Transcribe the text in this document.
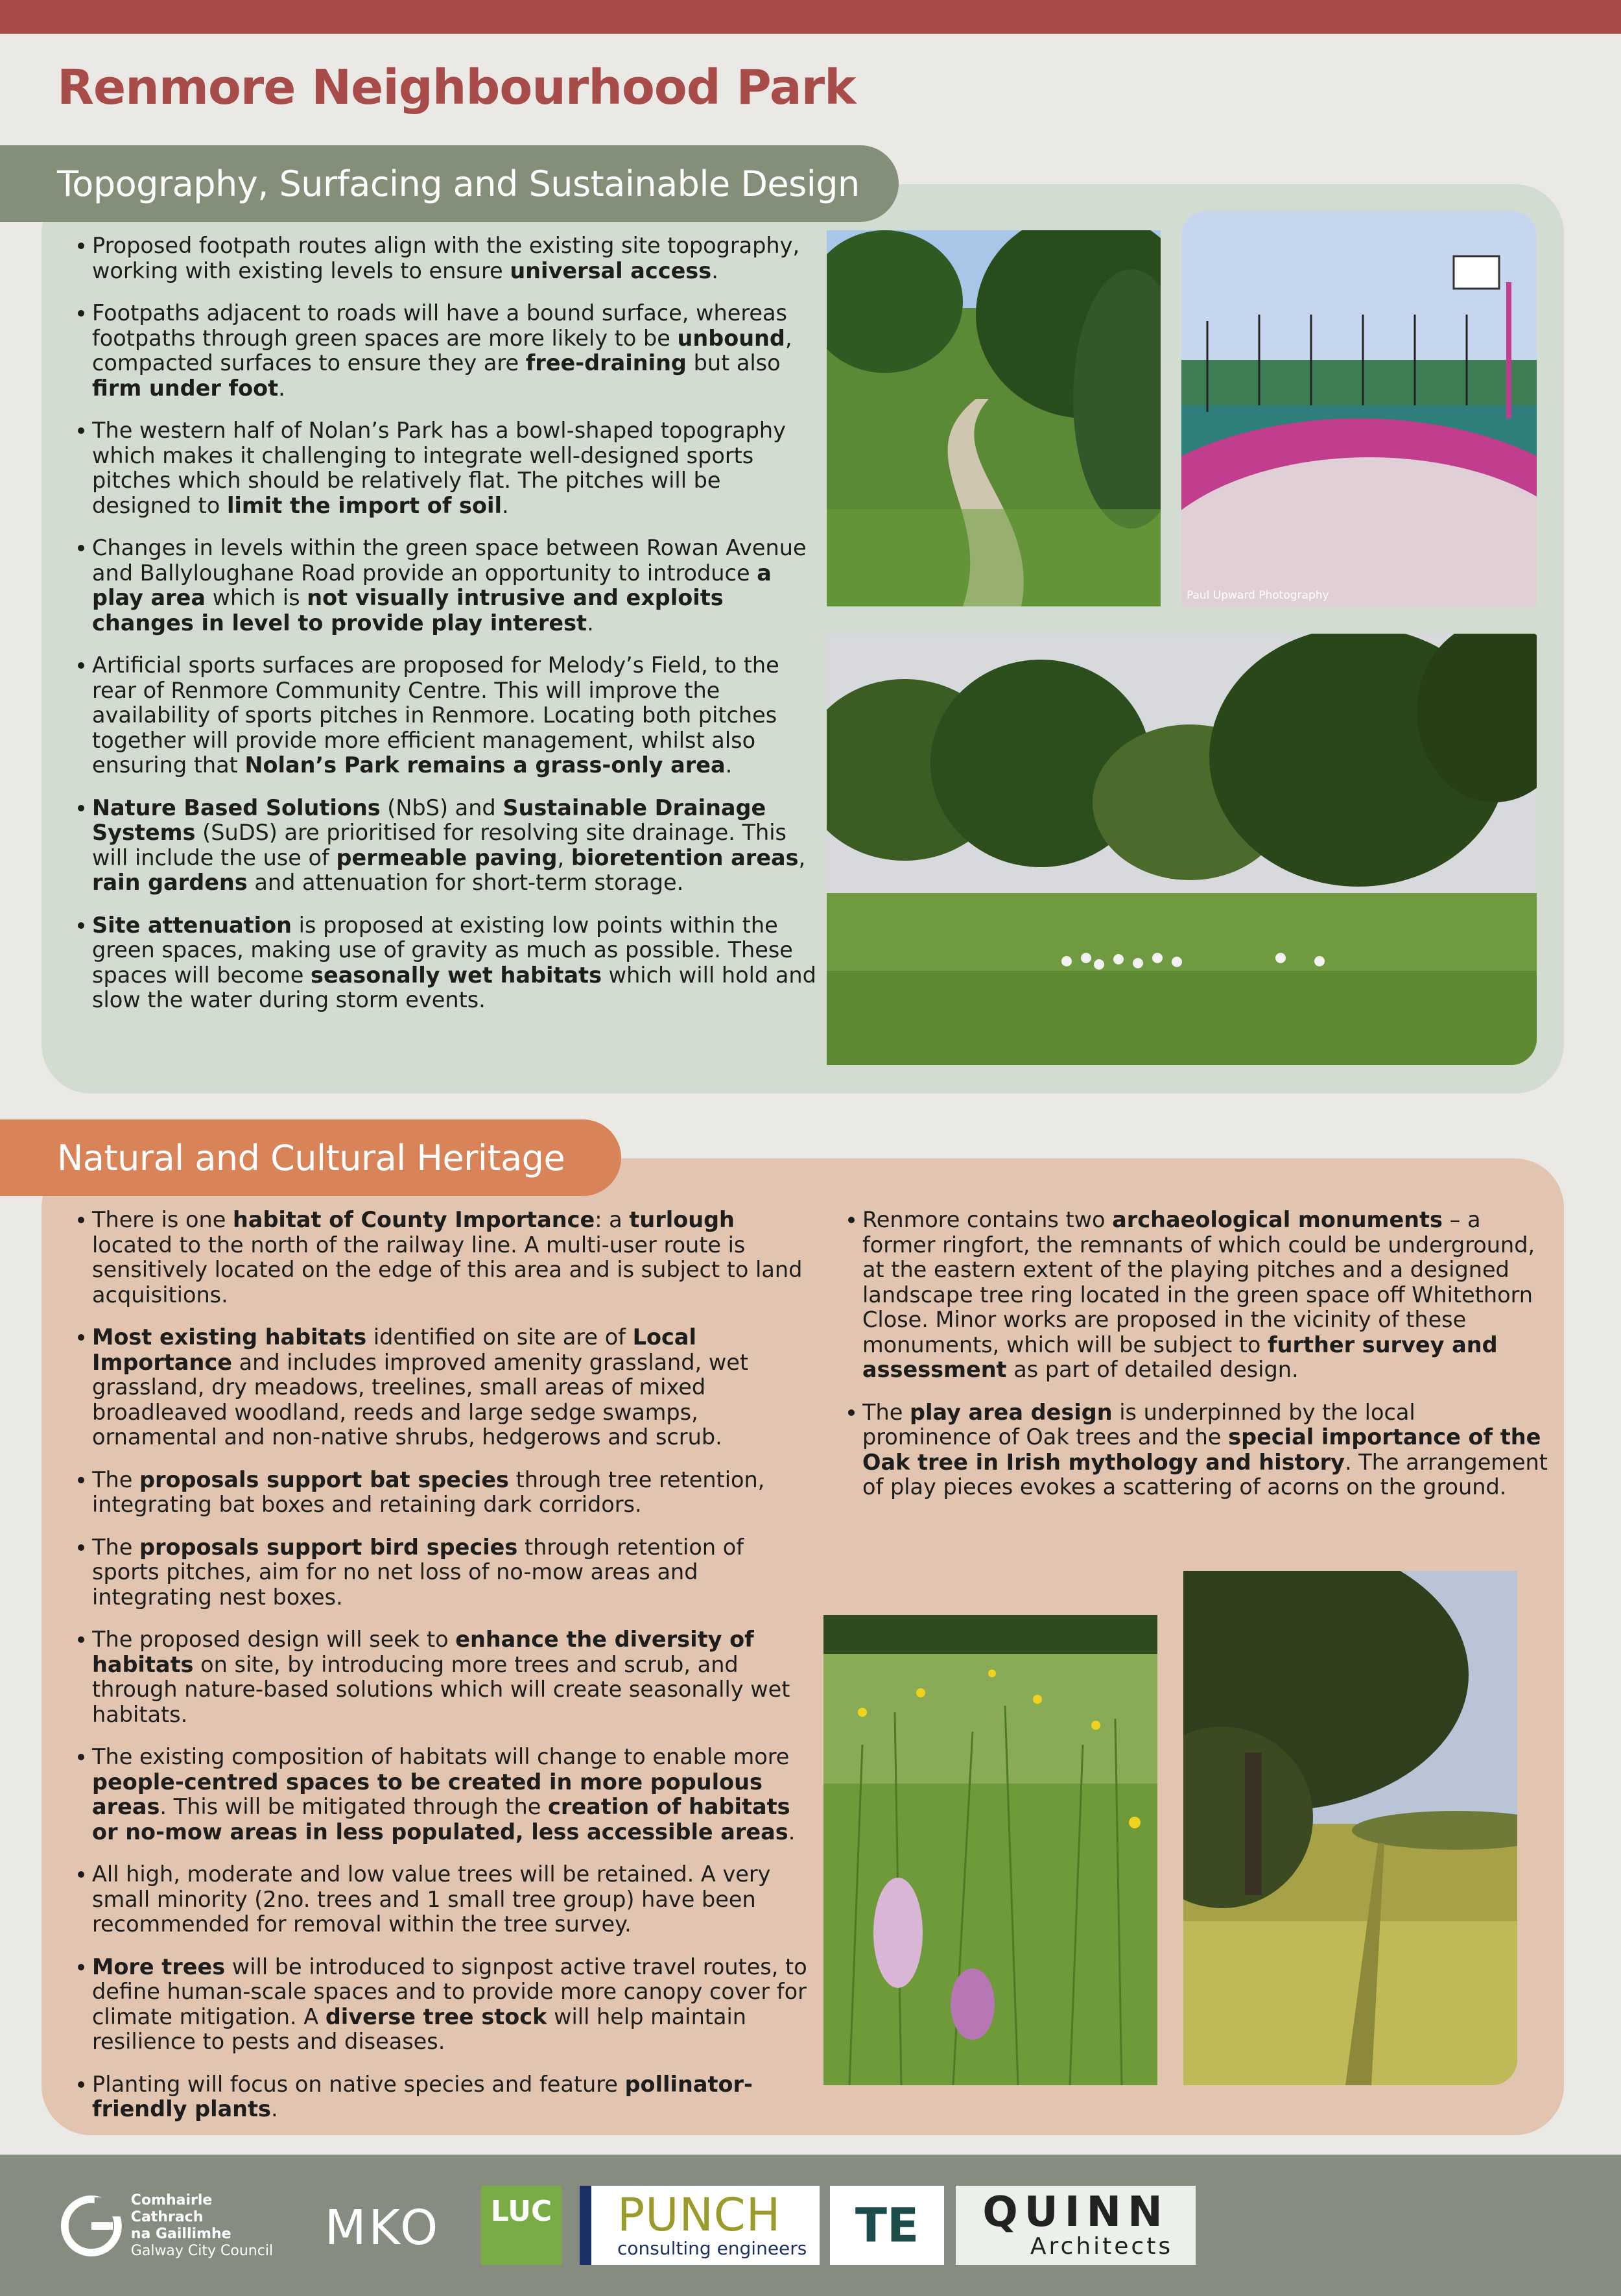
Renmore Neighbourhood Park
Topography, Surfacing and Sustainable Design
Proposed footpath routes align with the existing site topography, working with existing levels to ensure universal access.
Footpaths adjacent to roads will have a bound surface, whereas footpaths through green spaces are more likely to be unbound, compacted surfaces to ensure they are free-draining but also firm under foot.
The western half of Nolan’s Park has a bowl-shaped topography which makes it challenging to integrate well-designed sports pitches which should be relatively flat. The pitches will be designed to limit the import of soil.
Changes in levels within the green space between Rowan Avenue and Ballyloughane Road provide an opportunity to introduce a play area which is not visually intrusive and exploits changes in level to provide play interest.
Artificial sports surfaces are proposed for Melody’s Field, to the rear of Renmore Community Centre. This will improve the availability of sports pitches in Renmore. Locating both pitches together will provide more efficient management, whilst also ensuring that Nolan’s Park remains a grass-only area.
Nature Based Solutions (NbS) and Sustainable Drainage Systems (SuDS) are prioritised for resolving site drainage. This will include the use of permeable paving, bioretention areas, rain gardens and attenuation for short-term storage.
Site attenuation is proposed at existing low points within the green spaces, making use of gravity as much as possible. These spaces will become seasonally wet habitats which will hold and slow the water during storm events.
Paul Upward Photography
Natural and Cultural Heritage
There is one habitat of County Importance: a turlough located to the north of the railway line. A multi-user route is sensitively located on the edge of this area and is subject to land acquisitions.
Most existing habitats identified on site are of Local Importance and includes improved amenity grassland, wet grassland, dry meadows, treelines, small areas of mixed broadleaved woodland, reeds and large sedge swamps, ornamental and non-native shrubs, hedgerows and scrub.
The proposals support bat species through tree retention, integrating bat boxes and retaining dark corridors.
The proposals support bird species through retention of sports pitches, aim for no net loss of no-mow areas and integrating nest boxes.
The proposed design will seek to enhance the diversity of habitats on site, by introducing more trees and scrub, and through nature-based solutions which will create seasonally wet habitats.
The existing composition of habitats will change to enable more people-centred spaces to be created in more populous areas. This will be mitigated through the creation of habitats or no-mow areas in less populated, less accessible areas.
All high, moderate and low value trees will be retained. A very small minority (2no. trees and 1 small tree group) have been recommended for removal within the tree survey.
More trees will be introduced to signpost active travel routes, to define human-scale spaces and to provide more canopy cover for climate mitigation. A diverse tree stock will help maintain resilience to pests and diseases.
Planting will focus on native species and feature pollinator-friendly plants.
Renmore contains two archaeological monuments – a former ringfort, the remnants of which could be underground, at the eastern extent of the playing pitches and a designed landscape tree ring located in the green space off Whitethorn Close. Minor works are proposed in the vicinity of these monuments, which will be subject to further survey and assessment as part of detailed design.
The play area design is underpinned by the local prominence of Oak trees and the special importance of the Oak tree in Irish mythology and history. The arrangement of play pieces evokes a scattering of acorns on the ground.
Comhairle Cathrach
na Gaillimhe
Galway City Council MKO LUC PUNCH
consulting engineers TE QUINN
Architects
